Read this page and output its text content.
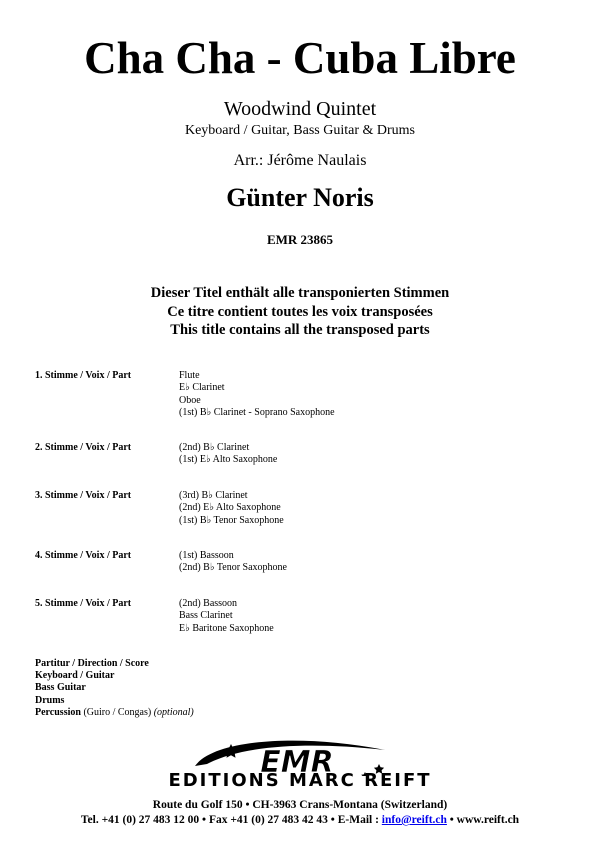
Cha Cha - Cuba Libre
Woodwind Quintet
Keyboard / Guitar, Bass Guitar & Drums
Arr.: Jérôme Naulais
Günter Noris
EMR 23865
Dieser Titel enthält alle transponierten Stimmen
Ce titre contient toutes les voix transposées
This title contains all the transposed parts
1. Stimme / Voix / Part	Flute
E♭ Clarinet
Oboe
(1st) B♭ Clarinet - Soprano Saxophone
2. Stimme / Voix / Part	(2nd) B♭ Clarinet
(1st) E♭ Alto Saxophone
3. Stimme / Voix / Part	(3rd) B♭ Clarinet
(2nd) E♭ Alto Saxophone
(1st) B♭ Tenor Saxophone
4. Stimme / Voix / Part	(1st) Bassoon
(2nd) B♭ Tenor Saxophone
5. Stimme / Voix / Part	(2nd) Bassoon
Bass Clarinet
E♭ Baritone Saxophone
Partitur / Direction / Score
Keyboard / Guitar
Bass Guitar
Drums
Percussion (Guiro / Congas) (optional)
EMR
EDITIONS MARC REIFT
Route du Golf 150 • CH-3963 Crans-Montana (Switzerland)
Tel. +41 (0) 27 483 12 00 • Fax +41 (0) 27 483 42 43 • E-Mail : info@reift.ch • www.reift.ch
